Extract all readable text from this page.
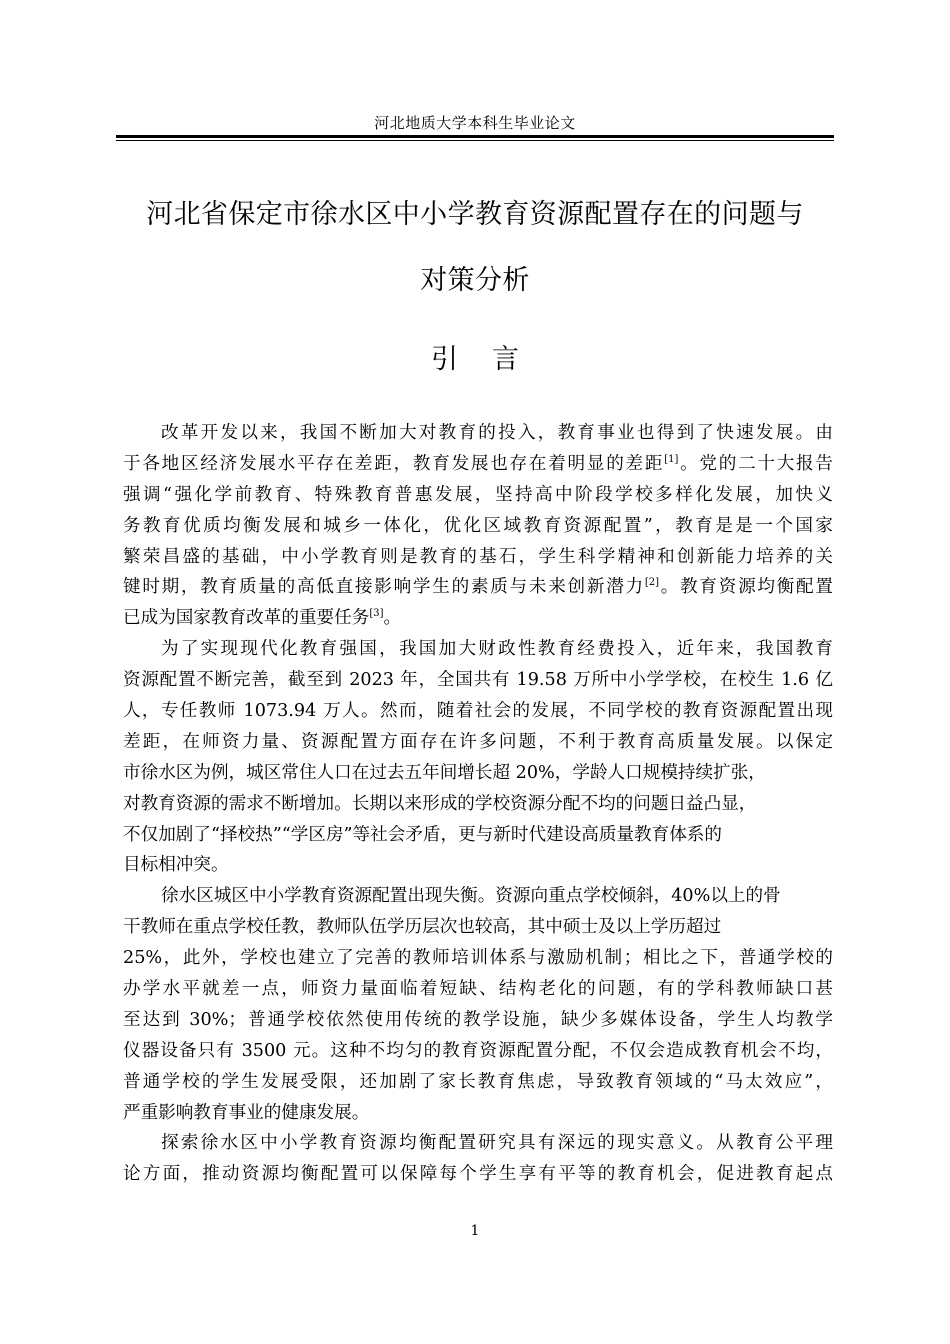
河北地质大学本科生毕业论文
河北省保定市徐水区中小学教育资源配置存在的问题与
对策分析
引 言
改革开发以来，我国不断加大对教育的投入，教育事业也得到了快速发展。由
于各地区经济发展水平存在差距，教育发展也存在着明显的差距[1]。党的二十大报告
强调“强化学前教育、特殊教育普惠发展，坚持高中阶段学校多样化发展，加快义
务教育优质均衡发展和城乡一体化，优化区域教育资源配置”，教育是是一个国家
繁荣昌盛的基础，中小学教育则是教育的基石，学生科学精神和创新能力培养的关
键时期，教育质量的高低直接影响学生的素质与未来创新潜力[2]。教育资源均衡配置
已成为国家教育改革的重要任务[3]。
为了实现现代化教育强国，我国加大财政性教育经费投入，近年来，我国教育
资源配置不断完善，截至到 2023 年，全国共有 19.58 万所中小学学校，在校生 1.6 亿
人，专任教师 1073.94 万人。然而，随着社会的发展，不同学校的教育资源配置出现
差距，在师资力量、资源配置方面存在许多问题，不利于教育高质量发展。以保定
市徐水区为例，城区常住人口在过去五年间增长超 20%，学龄人口规模持续扩张，
对教育资源的需求不断增加。长期以来形成的学校资源分配不均的问题日益凸显，
不仅加剧了“择校热”“学区房”等社会矛盾，更与新时代建设高质量教育体系的
目标相冲突。
徐水区城区中小学教育资源配置出现失衡。资源向重点学校倾斜，40%以上的骨
干教师在重点学校任教，教师队伍学历层次也较高，其中硕士及以上学历超过
25%，此外，学校也建立了完善的教师培训体系与激励机制；相比之下，普通学校的
办学水平就差一点，师资力量面临着短缺、结构老化的问题，有的学科教师缺口甚
至达到 30%；普通学校依然使用传统的教学设施，缺少多媒体设备，学生人均教学
仪器设备只有 3500 元。这种不均匀的教育资源配置分配，不仅会造成教育机会不均，
普通学校的学生发展受限，还加剧了家长教育焦虑，导致教育领域的“马太效应”，
严重影响教育事业的健康发展。
探索徐水区中小学教育资源均衡配置研究具有深远的现实意义。从教育公平理
论方面，推动资源均衡配置可以保障每个学生享有平等的教育机会，促进教育起点
1
